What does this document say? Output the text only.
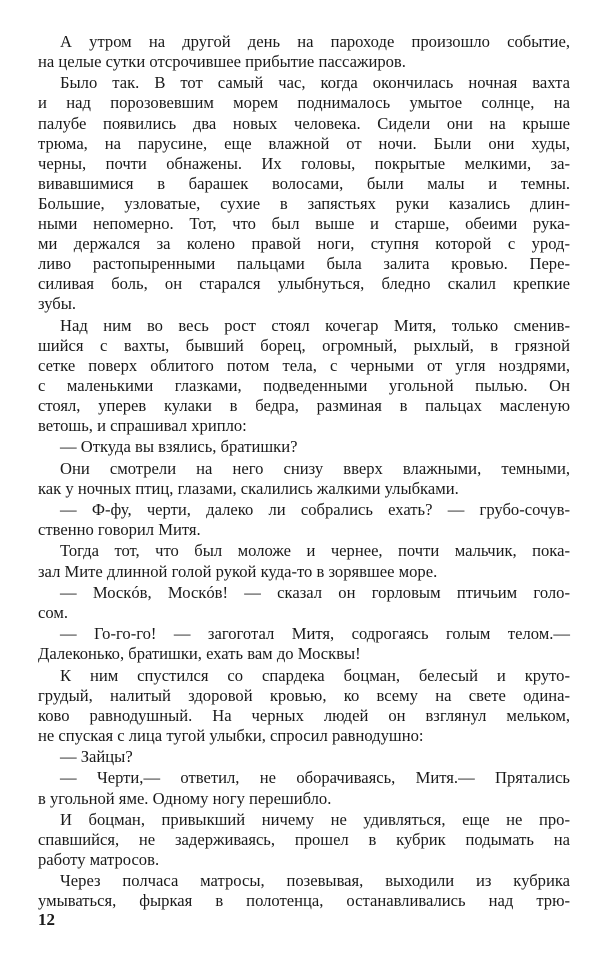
А утром на другой день на пароходе произошло событие,
на целые сутки отсрочившее прибытие пассажиров.
Было так. В тот самый час, когда окончилась ночная вахта
и над порозовевшим морем поднималось умытое солнце, на
палубе появились два новых человека. Сидели они на крыше
трюма, на парусине, еще влажной от ночи. Были они худы,
черны, почти обнажены. Их головы, покрытые мелкими, за-
вивавшимися в барашек волосами, были малы и темны.
Большие, узловатые, сухие в запястьях руки казались длин-
ными непомерно. Тот, что был выше и старше, обеими рука-
ми держался за колено правой ноги, ступня которой с урод-
ливо растопыренными пальцами была залита кровью. Пере-
силивая боль, он старался улыбнуться, бледно скалил крепкие
зубы.
Над ним во весь рост стоял кочегар Митя, только сменив-
шийся с вахты, бывший борец, огромный, рыхлый, в грязной
сетке поверх облитого потом тела, с черными от угля ноздрями,
с маленькими глазками, подведенными угольной пылью. Он
стоял, уперев кулаки в бедра, разминая в пальцах масленую
ветошь, и спрашивал хрипло:
— Откуда вы взялись, братишки?
Они смотрели на него снизу вверх влажными, темными,
как у ночных птиц, глазами, скалились жалкими улыбками.
— Ф-фу, черти, далеко ли собрались ехать? — грубо-сочув-
ственно говорил Митя.
Тогда тот, что был моложе и чернее, почти мальчик, пока-
зал Мите длинной голой рукой куда-то в зорявшее море.
— Москóв, Москóв! — сказал он горловым птичьим голо-
сом.
— Го-го-го! — загоготал Митя, содрогаясь голым телом.—
Далеконько, братишки, ехать вам до Москвы!
К ним спустился со спардека боцман, белесый и круто-
грудый, налитый здоровой кровью, ко всему на свете одина-
ково равнодушный. На черных людей он взглянул мельком,
не спуская с лица тугой улыбки, спросил равнодушно:
— Зайцы?
— Черти,— ответил, не оборачиваясь, Митя.— Прятались
в угольной яме. Одному ногу перешибло.
И боцман, привыкший ничему не удивляться, еще не про-
спавшийся, не задерживаясь, прошел в кубрик подымать на
работу матросов.
Через полчаса матросы, позевывая, выходили из кубрика
умываться, фыркая в полотенца, останавливались над трю-
12
